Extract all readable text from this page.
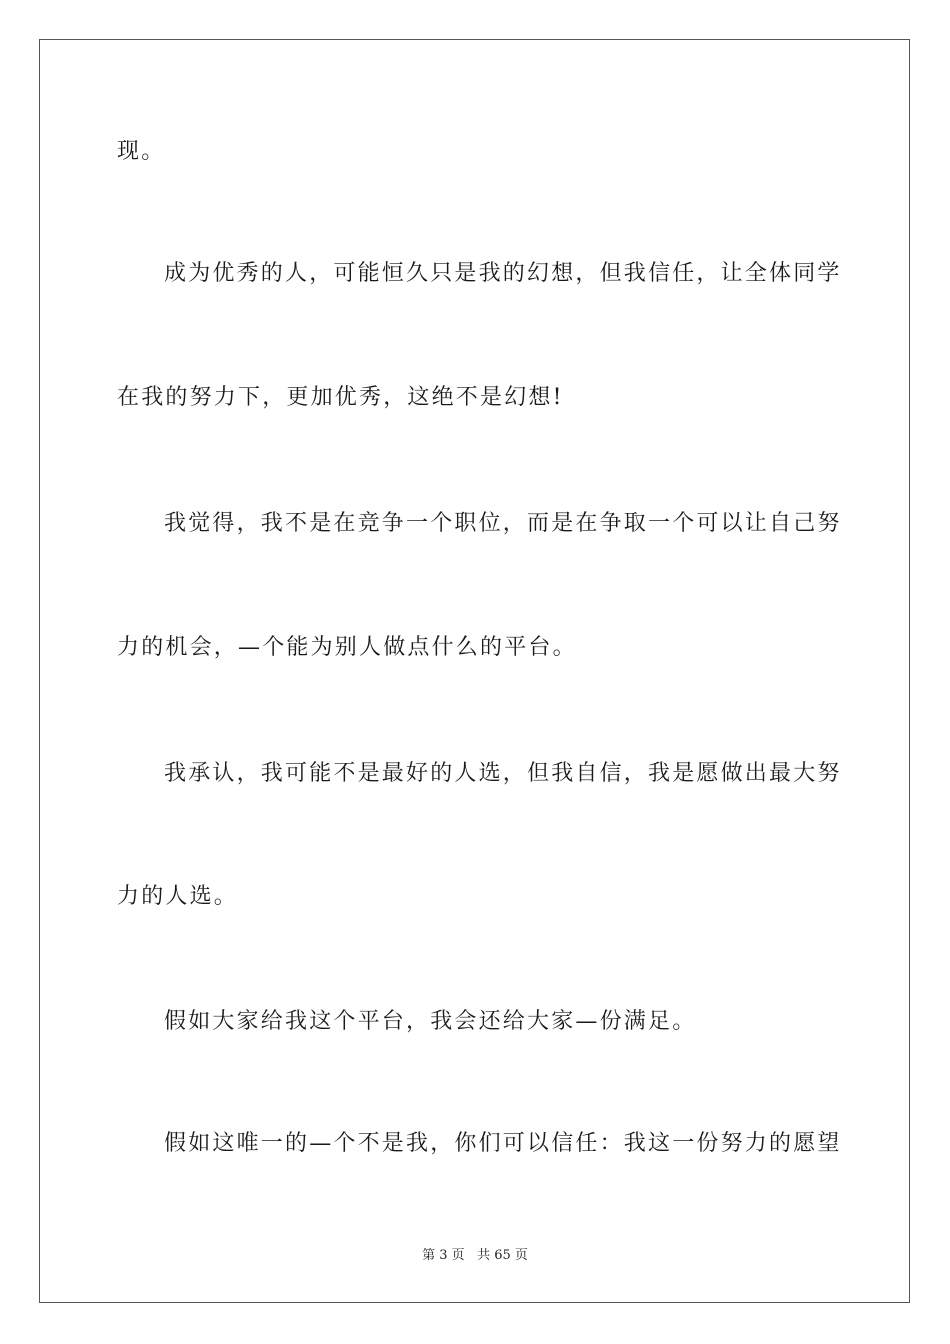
现。
成为优秀的人，可能恒久只是我的幻想，但我信任，让全体同学
在我的努力下，更加优秀，这绝不是幻想!
我觉得，我不是在竞争一个职位，而是在争取一个可以让自己努
力的机会，—个能为别人做点什么的平台。
我承认，我可能不是最好的人选，但我自信，我是愿做出最大努
力的人选。
假如大家给我这个平台，我会还给大家—份满足。
假如这唯一的—个不是我，你们可以信任：我这一份努力的愿望
第 3 页 共 65 页
